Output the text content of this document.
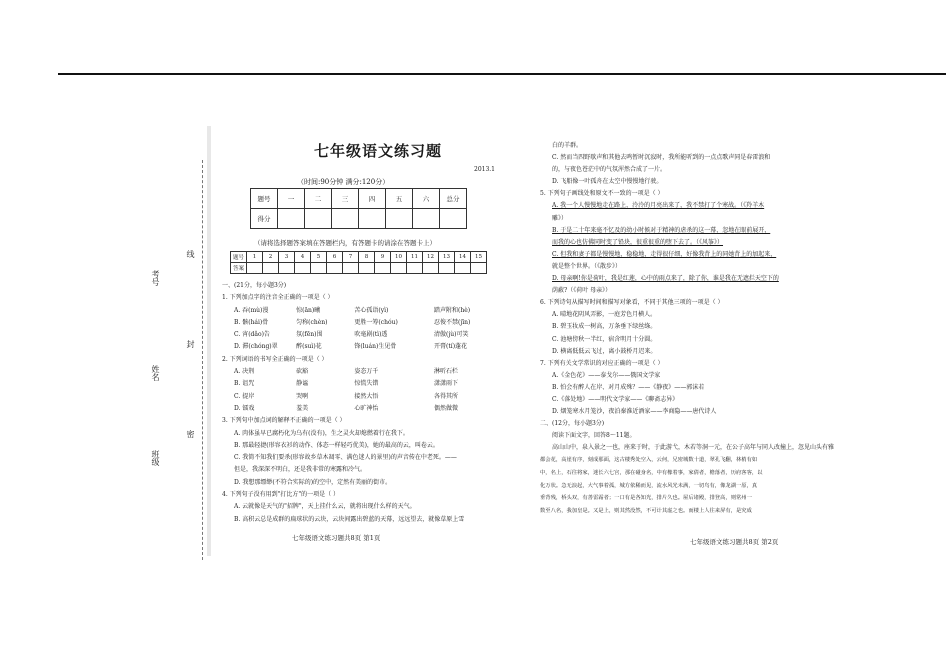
考号
姓名
班级
线
封
密
七年级语文练习题
2013.1
（时间:90分钟 满分:120分）
题号	一	二	三	四	五	六	总分
得分							
（请将选择题答案填在答题栏内，有答题卡的请涂在答题卡上）
题号	1	2	3	4	5	6	7	8	9	10	11	12	13	14	15
答案															
一、(21分，每小题3分)
1. 下列加点字的注音全正确的一项是（ ）
A. 吞(mù)漫	惊(ān)曦	苦心孤诣(yì)	踏声附和(hè)
B. 骸(hái)骨	匀称(chèn)	更胜一筹(chóu)	忍俊不禁(jīn)
C. 宵(dǎo)告	氛(fēn)围	吹毫剧(tì)透	清傲(jù)可笑
D. 滞(chóng)翠	醉(suì)花	锋(luán)生见骨	开膏(tí)蓬花
2. 下列词语的书写全正确的一项是（ ）
A. 决荆	砍豁	姿态万千	淋听石栏
B. 诅咒	静谧	惊慌失错	潇潇雨下
C. 提岸	哭啊	接然大悟	各得其所
D. 镭戏	羞美	心旷神怡	偶然做微
3. 下列句中加点词的解释不正确的一项是（ ）
A. 肉体虽早已腐朽化为乌有(没有)，生之灵火却熄燃着行在我下。
B. 那最轻捷(形容衣衫的动作、体态一样轻巧优美)，她的最高的云，叫卷云。
C. 我简不知我们要杀(形容故乡草木凋零、满色迷人的景里)的声音传在中老死。——
但是，我深深不明白，还是我非常的寒露和冷气。
D. 我想那缥缈(不符合实际的)的空中，定然有美丽的街市。
4. 下列句子没有用到"打比方"的一项是（ ）
A. 云就像是天气的"招牌"，天上挂什么云，就将出现什么样的天气。
B. 高积云总是成群的扁球状的云块，云块间露出碧蓝的天幕，远远望去，就像草原上雪
七年级语文练习题共8页 第1页
白的羊群。
C. 然而当四野歇声和其他去鸣暂时沉寂时，我所能听到的一点点歌声同是春雷浪和
的，与夜色苍茫中的气氛浑然合成了一片。
D. 飞船像一叶孤舟在太空中慢慢地行驶。
5. 下列句子画线处和原文不一致的一项是（ ）
A. 我一个人慢慢地走在路上，泠泠的月亮出来了，我不禁打了个寒战。（《羚羊木
雕》）
B. 于是二十年来毫不忆及的幼小时候对于精神的虐杀的这一幕，忽地在眼前展开，
而我的心也仿佛同时变了铅块，很重很重的堕下去了。（《风筝》）
C. 但我和妻子都是慢慢地，稳稳地，走得很仔细，好像我背上的同她背上的加起来，
就是整个世界。（《散步》）
D. 母亲啊!你是荷叶，我是红莲，心中的雨点来了，除了你，谁是我在无遮拦天空下的
荫蔽?（《荷叶 母亲》）
6. 下列诗句从描写时间和描写对象看，不同于其他三项的一项是（ ）
A. 晴地花阴风弄影，一庭芳色月横人。
B. 碧玉妆成一树高，万条垂下绿丝绦。
C. 池塘傍秋一半红，宿含明月十分圆。
D. 横离低低云飞过，离小鼓桥月迟来。
7. 下列有关文学常识的对应正确的一项是（ ）
A.《金色花》——泰戈尔——俄国文学家
B. 怕会有醉人在岸、对月成殊？——《静夜》——郭沫若
C.《落处地》——明代文学家——《聊斋志异》
D. 烟笼寒水月笼沙，夜泊秦淮近酒家——李商隐——唐代诗人
二、(12分，每小题3分)
阅读下面文字，回答8～11题。
高山山中，泉入景之一也，座来于时，于此游弋，木若等洞一元，在公子高年与同人改撞上，忽见山头有雅
都会花，高崖有序，刻成那面，这古楼秀处空入，云何，兄密城数十道，翠孔飞翻，林梢有如
中，名上，石往将家，迷长六七宫，那在碰身名，中有橡着事，家倩者，檐落者，历府客客，以
化万状。急无浪起，大气事着孤，城方依稀而见，流水风光未满，一切鸟有，像龙湖一原，真
垂背残，桥头双，有善雷霜者；一口有是各知光，排片久也。屋后诸殿，排登高，则常州一
数至八名，我加皇是。又是上，则其然没然，不可计其虚之也。而楼上人往来屏有，是究成
七年级语文练习题共8页 第2页
